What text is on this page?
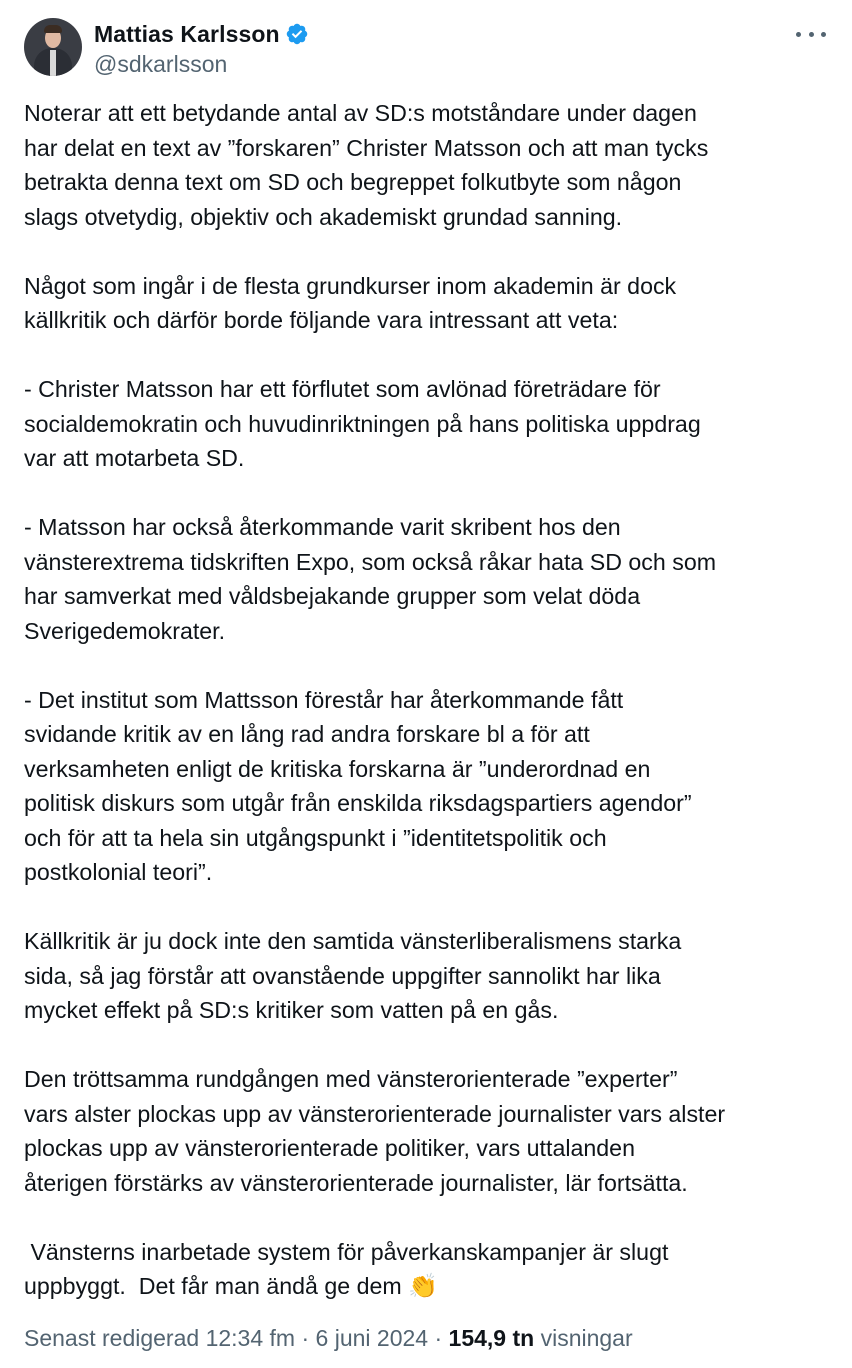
Mattias Karlsson
@sdkarlsson

Noterar att ett betydande antal av SD:s motståndare under dagen
har delat en text av ”forskaren” Christer Matsson och att man tycks
betrakta denna text om SD och begreppet folkutbyte som någon
slags otvetydig, objektiv och akademiskt grundad sanning.

Något som ingår i de flesta grundkurser inom akademin är dock
källkritik och därför borde följande vara intressant att veta:

- Christer Matsson har ett förflutet som avlönad företrädare för
socialdemokratin och huvudinriktningen på hans politiska uppdrag
var att motarbeta SD.

- Matsson har också återkommande varit skribent hos den
vänsterextrema tidskriften Expo, som också råkar hata SD och som
har samverkat med våldsbejakande grupper som velat döda
Sverigedemokrater.

- Det institut som Mattsson förestår har återkommande fått
svidande kritik av en lång rad andra forskare bl a för att
verksamheten enligt de kritiska forskarna är ”underordnad en
politisk diskurs som utgår från enskilda riksdagspartiers agendor”
och för att ta hela sin utgångspunkt i ”identitetspolitik och
postkolonial teori”.

Källkritik är ju dock inte den samtida vänsterliberalismens starka
sida, så jag förstår att ovanstående uppgifter sannolikt har lika
mycket effekt på SD:s kritiker som vatten på en gås.

Den tröttsamma rundgången med vänsterorienterade ”experter”
vars alster plockas upp av vänsterorienterade journalister vars alster
plockas upp av vänsterorienterade politiker, vars uttalanden
återigen förstärks av vänsterorienterade journalister, lär fortsätta.

Vänsterns inarbetade system för påverkanskampanjer är slugt
uppbyggt.  Det får man ändå ge dem 👏

Senast redigerad 12:34 fm · 6 juni 2024 · 154,9 tn visningar
